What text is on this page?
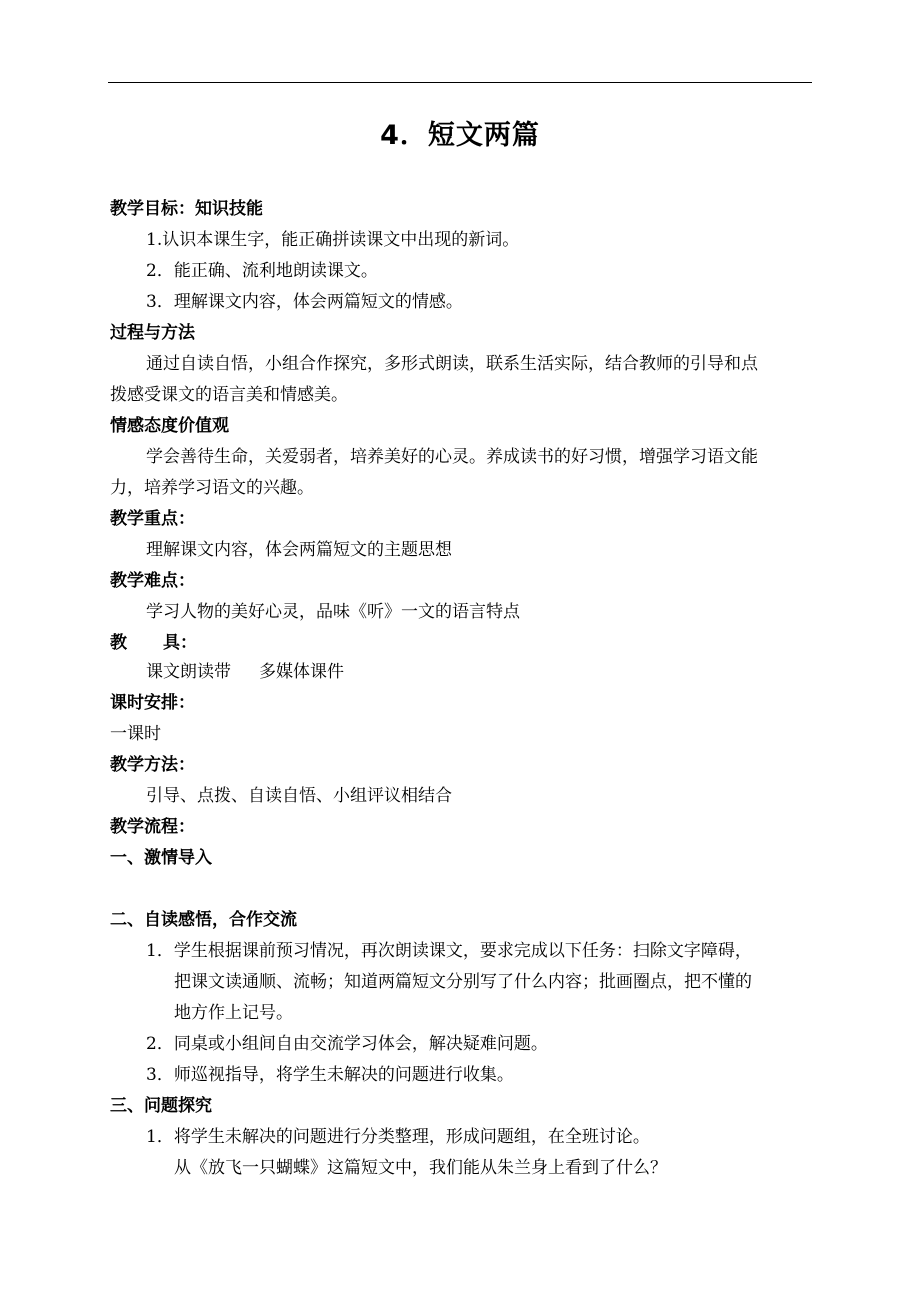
4．短文两篇
教学目标：知识技能
1.认识本课生字，能正确拼读课文中出现的新词。
2．能正确、流利地朗读课文。
3．理解课文内容，体会两篇短文的情感。
过程与方法
通过自读自悟，小组合作探究，多形式朗读，联系生活实际，结合教师的引导和点
拨感受课文的语言美和情感美。
情感态度价值观
学会善待生命，关爱弱者，培养美好的心灵。养成读书的好习惯，增强学习语文能
力，培养学习语文的兴趣。
教学重点：
理解课文内容，体会两篇短文的主题思想
教学难点：
学习人物的美好心灵，品味《听》一文的语言特点
教 具：
课文朗读带 多媒体课件
课时安排：
一课时
教学方法：
引导、点拨、自读自悟、小组评议相结合
教学流程：
一、激情导入
二、自读感悟，合作交流
1．学生根据课前预习情况，再次朗读课文，要求完成以下任务：扫除文字障碍，
把课文读通顺、流畅；知道两篇短文分别写了什么内容；批画圈点，把不懂的
地方作上记号。
2．同桌或小组间自由交流学习体会，解决疑难问题。
3．师巡视指导，将学生未解决的问题进行收集。
三、问题探究
1．将学生未解决的问题进行分类整理，形成问题组，在全班讨论。
从《放飞一只蝴蝶》这篇短文中，我们能从朱兰身上看到了什么？
